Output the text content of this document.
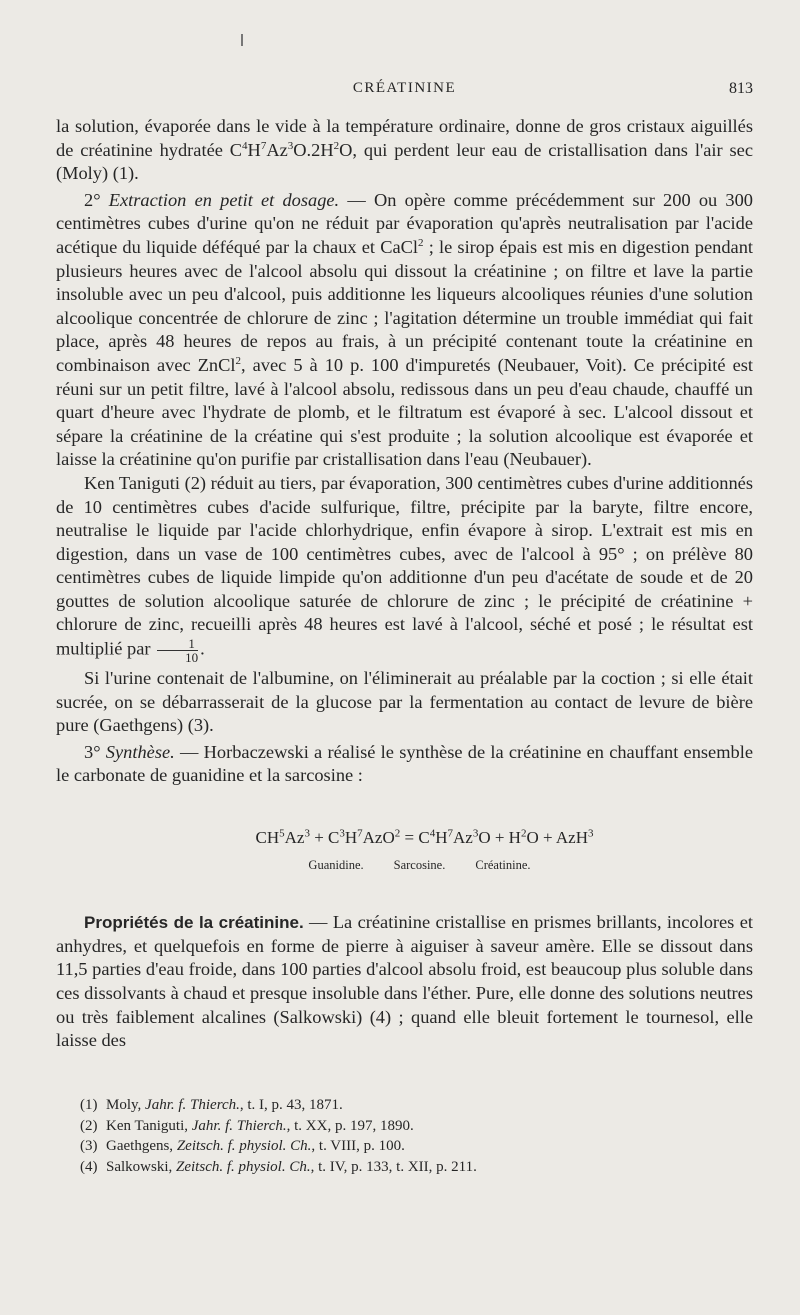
CRÉATININE	813

la solution, évaporée dans le vide à la température ordinaire, donne de gros cristaux aiguillés de créatinine hydratée $C^4H^7Az^3O.2H^2O$, qui perdent leur eau de cristallisation dans l'air sec (Moly) (1).

2° Extraction en petit et dosage. — On opère comme précédemment sur 200 ou 300 centimètres cubes d'urine qu'on ne réduit par évaporation qu'après neutralisation par l'acide acétique du liquide déféqué par la chaux et CaCl$^2$ ; le sirop épais est mis en digestion pendant plusieurs heures avec de l'alcool absolu qui dissout la créatinine ; on filtre et lave la partie insoluble avec un peu d'alcool, puis additionne les liqueurs alcooliques réunies d'une solution alcoolique concentrée de chlorure de zinc ; l'agitation détermine un trouble immédiat qui fait place, après 48 heures de repos au frais, à un précipité contenant toute la créatinine en combinaison avec ZnCl$^2$, avec 5 à 10 p. 100 d'impuretés (Neubauer, Voit). Ce précipité est réuni sur un petit filtre, lavé à l'alcool absolu, redissous dans un peu d'eau chaude, chauffé un quart d'heure avec l'hydrate de plomb, et le filtratum est évaporé à sec. L'alcool dissout et sépare la créatinine de la créatine qui s'est produite ; la solution alcoolique est évaporée et laisse la créatinine qu'on purifie par cristallisation dans l'eau (Neubauer).

Ken Taniguti (2) réduit au tiers, par évaporation, 300 centimètres cubes d'urine additionnés de 10 centimètres cubes d'acide sulfurique, filtre, précipite par la baryte, filtre encore, neutralise le liquide par l'acide chlorhydrique, enfin évapore à sirop. L'extrait est mis en digestion, dans un vase de 100 centimètres cubes, avec de l'alcool à 95° ; on prélève 80 centimètres cubes de liquide limpide qu'on additionne d'un peu d'acétate de soude et de 20 gouttes de solution alcoolique saturée de chlorure de zinc ; le précipité de créatinine + chlorure de zinc, recueilli après 48 heures est lavé à l'alcool, séché et posé ; le résultat est multiplié par $\frac{1}{10}$ .

Si l'urine contenait de l'albumine, on l'éliminerait au préalable par la coction ; si elle était sucrée, on se débarrasserait de la glucose par la fermentation au contact de levure de bière pure (Gaethgens) (3).

3° Synthèse. — Horbaczewski a réalisé le synthèse de la créatinine en chauffant ensemble le carbonate de guanidine et la sarcosine :

$CH^5Az^3 + C^3H^7AzO^2 = C^4H^7Az^3O + H^2O + AzH^3$
Guanidine. Sarcosine. Créatinine.

Propriétés de la créatinine. — La créatinine cristallise en prismes brillants, incolores et anhydres, et quelquefois en forme de pierre à aiguiser à saveur amère. Elle se dissout dans 11,5 parties d'eau froide, dans 100 parties d'alcool absolu froid, est beaucoup plus soluble dans ces dissolvants à chaud et presque insoluble dans l'éther. Pure, elle donne des solutions neutres ou très faiblement alcalines (Salkowski) (4) ; quand elle bleuit fortement le tournesol, elle laisse des

(1) Moly, Jahr. f. Thierch., t. I, p. 43, 1871.
(2) Ken Taniguti, Jahr. f. Thierch., t. XX, p. 197, 1890.
(3) Gaethgens, Zeitsch. f. physiol. Ch., t. VIII, p. 100.
(4) Salkowski, Zeitsch. f. physiol. Ch., t. IV, p. 133, t. XII, p. 211.
